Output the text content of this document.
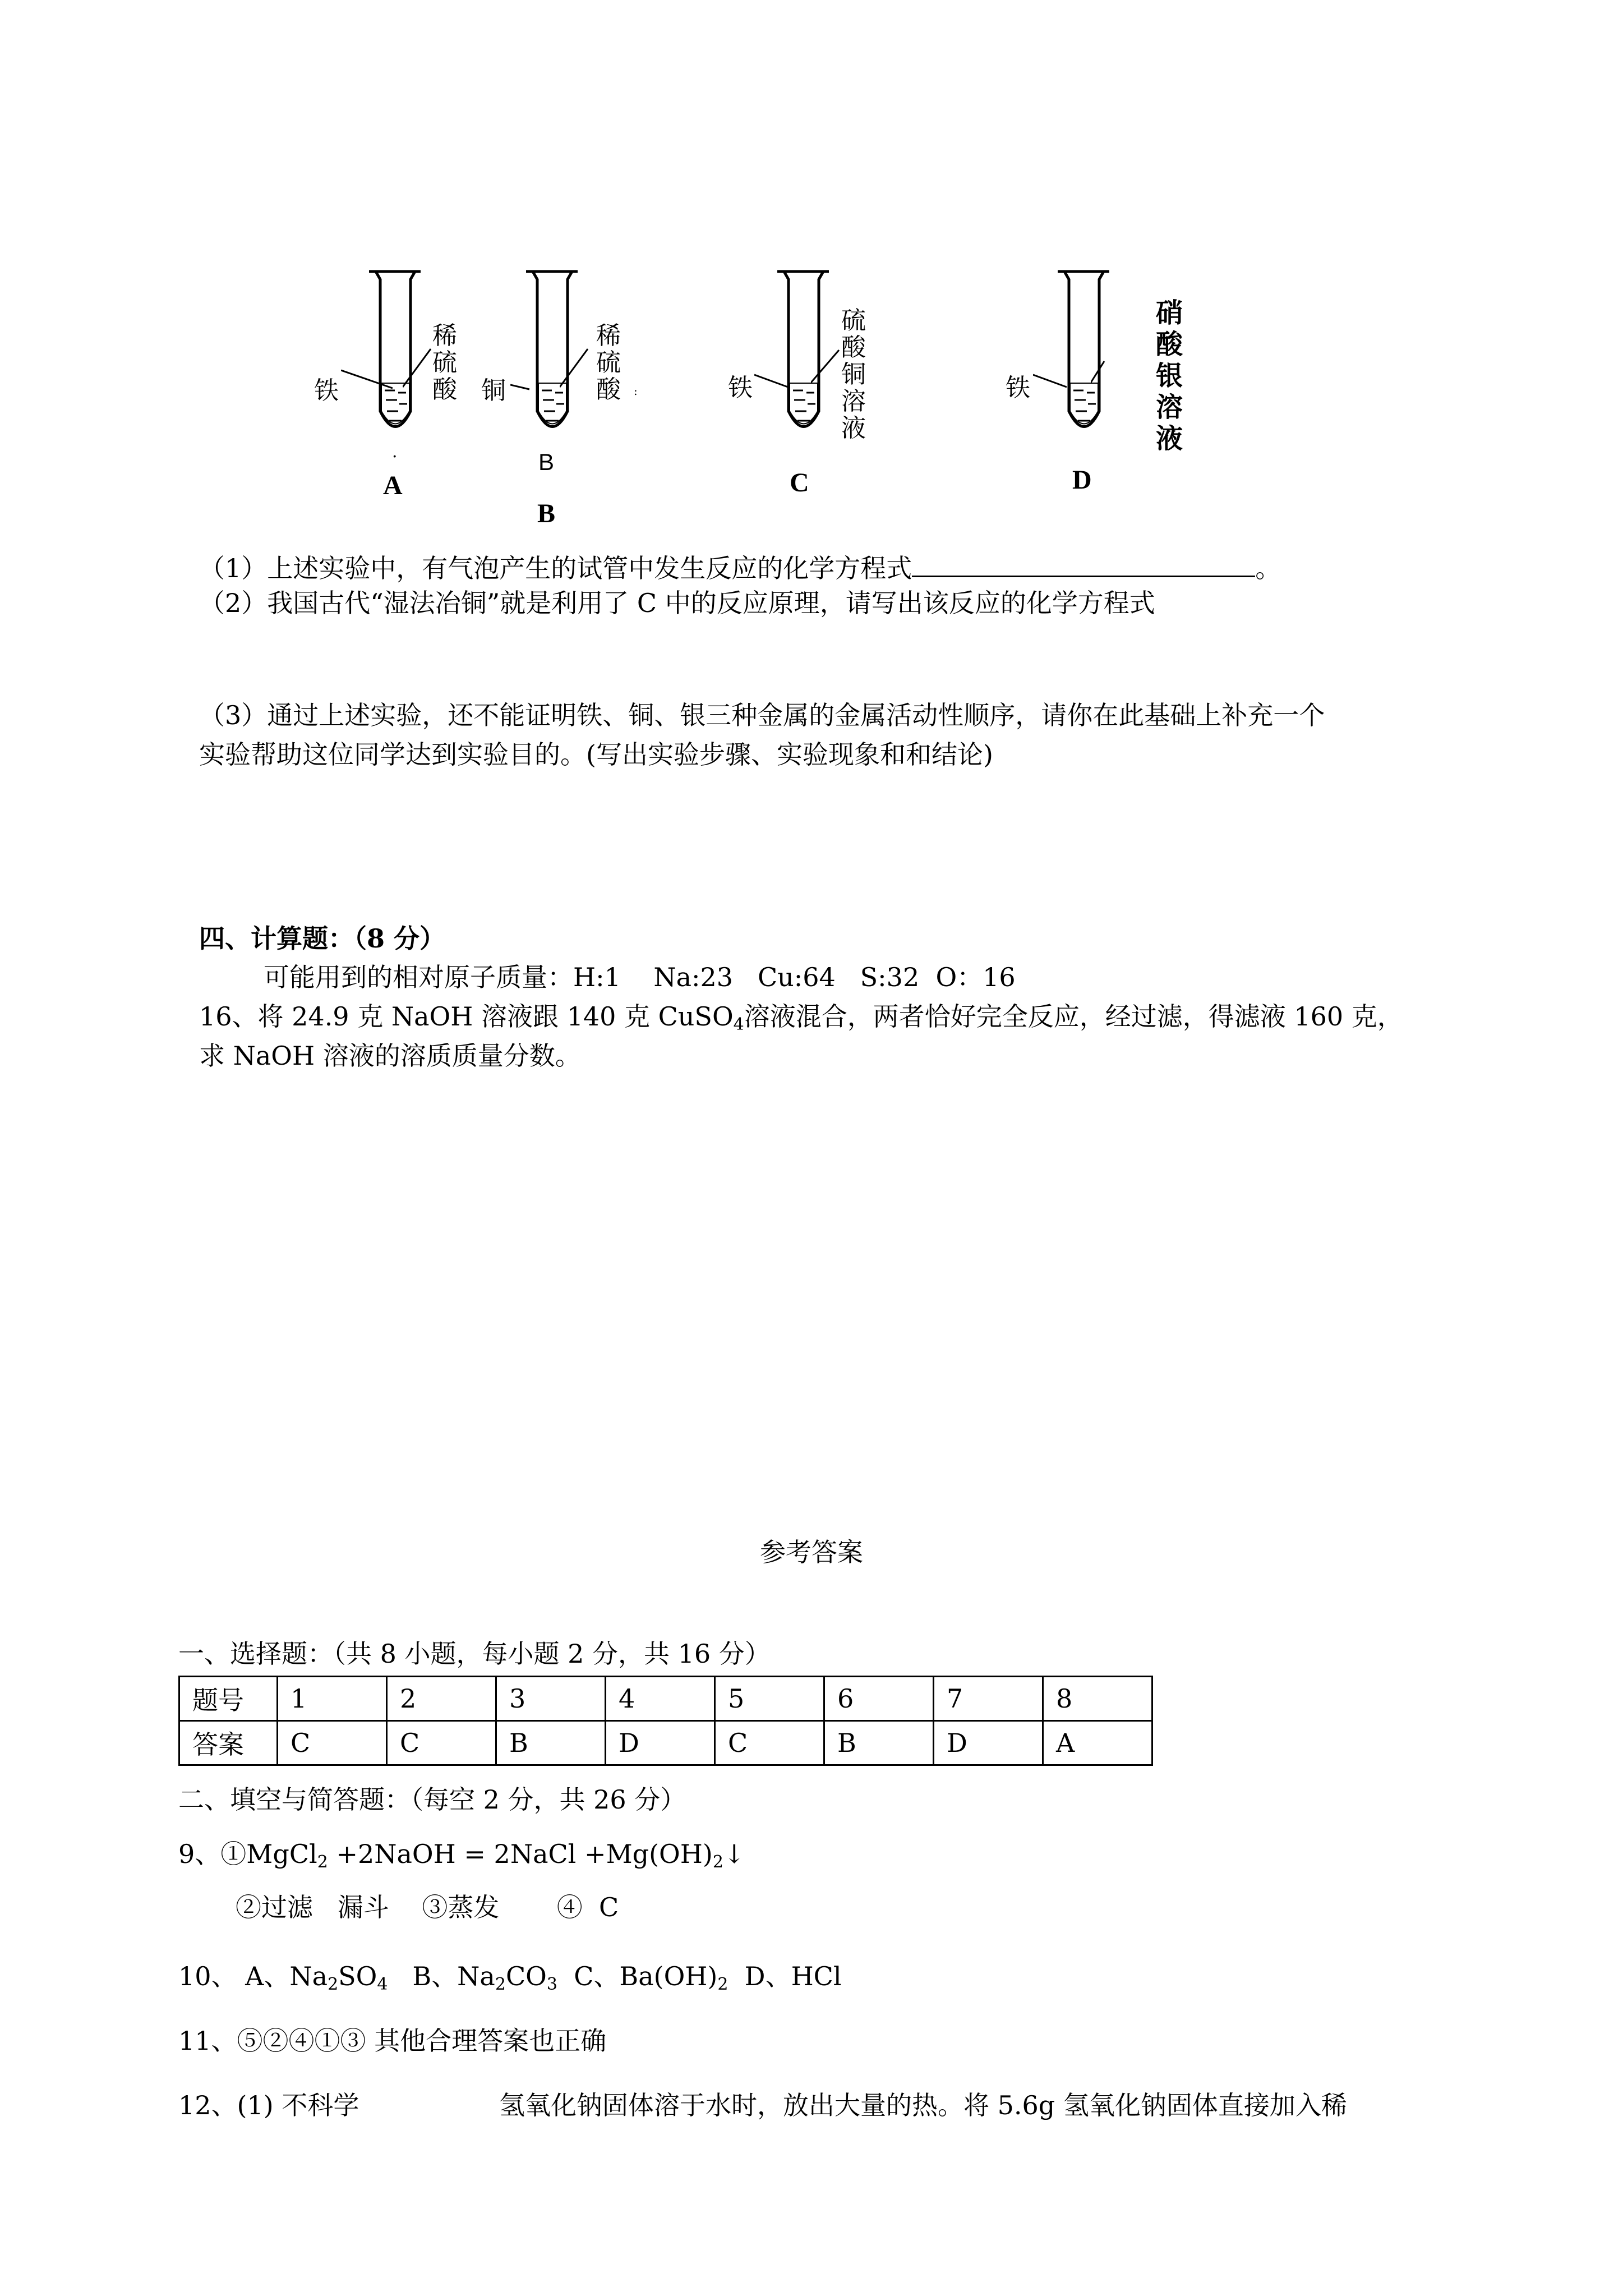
铁
稀
硫
酸
·
A
铜
稀
硫
酸 :
B
B
铁
硫
酸
铜
溶
液
C
铁
硝
酸
银
溶
液
D
（1）上述实验中，有气泡产生的试管中发生反应的化学方程式	。
（2）我国古代“湿法冶铜”就是利用了 C 中的反应原理，请写出该反应的化学方程式
（3）通过上述实验，还不能证明铁、铜、银三种金属的金属活动性顺序，请你在此基础上补充一个
实验帮助这位同学达到实验目的。(写出实验步骤、实验现象和和结论)
四、计算题：（8 分）
可能用到的相对原子质量：H:1    Na:23   Cu:64   S:32  O：16
16、将 24.9 克 NaOH 溶液跟 140 克 CuSO$_4$溶液混合，两者恰好完全反应，经过滤，得滤液 160 克，
求 NaOH 溶液的溶质质量分数。
参考答案
一、选择题：（共 8 小题，每小题 2 分，共 16 分）
题号	1	2	3	4	5	6	7	8
答案	C	C	B	D	C	B	D	A
二、填空与简答题：（每空 2 分，共 26 分）
9、①MgCl$_2$ +2NaOH = 2NaCl $+Mg(OH)_2↓$
②过滤   漏斗    ③蒸发       ④  C
10、 A、$Na_2SO_4$   B、$Na_2CO_3$  C、$Ba(OH)_2$  D、HCl
11、⑤②④①③ 其他合理答案也正确
12、(1) 不科学	氢氧化钠固体溶于水时，放出大量的热。将 5.6g 氢氧化钠固体直接加入稀
